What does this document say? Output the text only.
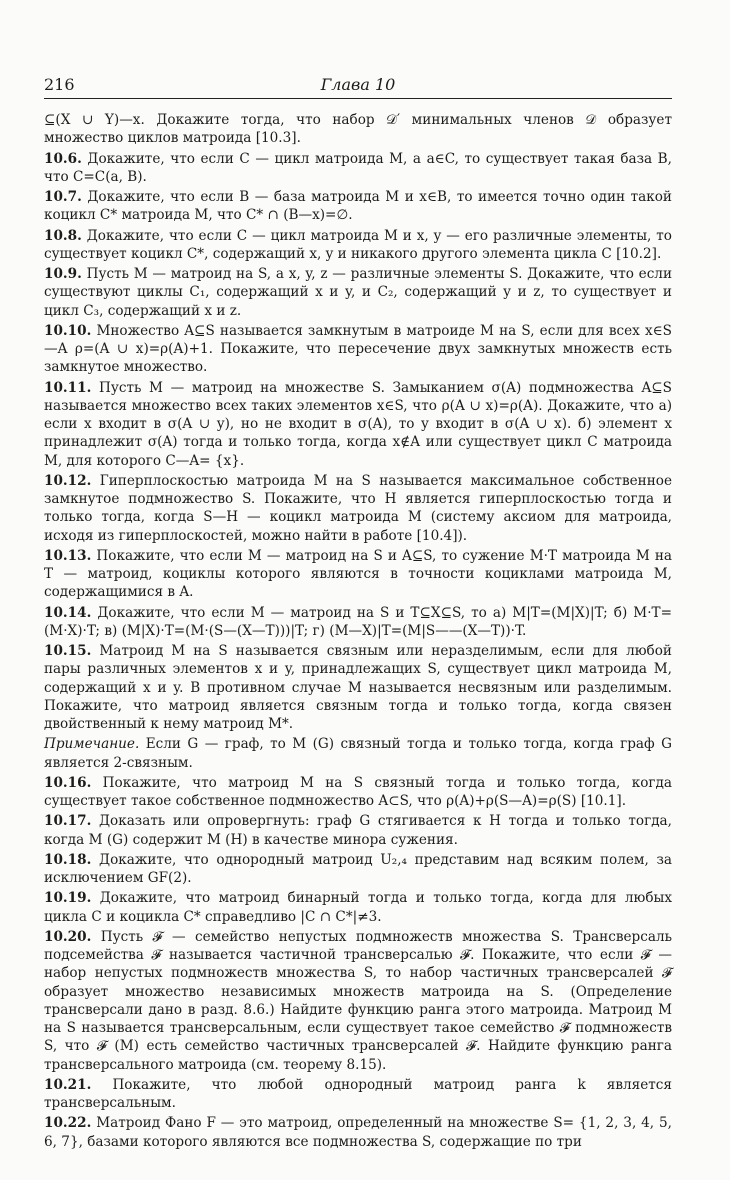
216	Глава 10

⊆(X ∪ Y)—x. Докажите тогда, что набор 𝒟′ минимальных членов 𝒟 образует множество циклов матроида [10.3].

10.6. Докажите, что если C — цикл матроида M, а a∈C, то существует такая база B, что C=C(a, B).

10.7. Докажите, что если B — база матроида M и x∈B, то имеется точно один такой коцикл C* матроида M, что C* ∩ (B—x)=∅.

10.8. Докажите, что если C — цикл матроида M и x, y — его различные элементы, то существует коцикл C*, содержащий x, y и никакого другого элемента цикла C [10.2].

10.9. Пусть M — матроид на S, а x, y, z — различные элементы S. Докажите, что если существуют циклы C₁, содержащий x и y, и C₂, содержащий y и z, то существует и цикл C₃, содержащий x и z.

10.10. Множество A⊆S называется замкнутым в матроиде M на S, если для всех x∈S—A ρ=(A ∪ x)=ρ(A)+1. Покажите, что пересечение двух замкнутых множеств есть замкнутое множество.

10.11. Пусть M — матроид на множестве S. Замыканием σ(A) подмножества A⊆S называется множество всех таких элементов x∈S, что ρ(A ∪ x)=ρ(A). Докажите, что а) если x входит в σ(A ∪ y), но не входит в σ(A), то y входит в σ(A ∪ x). б) элемент x принадлежит σ(A) тогда и только тогда, когда x∉A или существует цикл C матроида M, для которого C—A= {x}.

10.12. Гиперплоскостью матроида M на S называется максимальное собственное замкнутое подмножество S. Покажите, что H является гиперплоскостью тогда и только тогда, когда S—H — коцикл матроида M (систему аксиом для матроида, исходя из гиперплоскостей, можно найти в работе [10.4]).

10.13. Покажите, что если M — матроид на S и A⊆S, то сужение M·T матроида M на T — матроид, коциклы которого являются в точности коциклами матроида M, содержащимися в A.

10.14. Докажите, что если M — матроид на S и T⊆X⊆S, то а) M|T=(M|X)|T; б) M·T=(M·X)·T; в) (M|X)·T=(M·(S—(X—T)))|T; г) (M—X)|T=(M|S——(X—T))·T.

10.15. Матроид M на S называется связным или неразделимым, если для любой пары различных элементов x и y, принадлежащих S, существует цикл матроида M, содержащий x и y. В противном случае M называется несвязным или разделимым. Покажите, что матроид является связным тогда и только тогда, когда связен двойственный к нему матроид M*.

Примечание. Если G — граф, то M (G) связный тогда и только тогда, когда граф G является 2-связным.

10.16. Покажите, что матроид M на S связный тогда и только тогда, когда существует такое собственное подмножество A⊂S, что ρ(A)+ρ(S—A)=ρ(S) [10.1].

10.17. Доказать или опровергнуть: граф G стягивается к H тогда и только тогда, когда M (G) содержит M (H) в качестве минора сужения.

10.18. Докажите, что однородный матроид U₂,₄ представим над всяким полем, за исключением GF(2).

10.19. Докажите, что матроид бинарный тогда и только тогда, когда для любых цикла C и коцикла C* справедливо |C ∩ C*|≠3.

10.20. Пусть 𝓕 — семейство непустых подмножеств множества S. Трансверсаль подсемейства 𝓕 называется частичной трансверсалью 𝓕. Покажите, что если 𝓕 — набор непустых подмножеств множества S, то набор частичных трансверсалей 𝓕 образует множество независимых множеств матроида на S. (Определение трансверсали дано в разд. 8.6.) Найдите функцию ранга этого матроида. Матроид M на S называется трансверсальным, если существует такое семейство 𝓕 подмножеств S, что 𝓕 (M) есть семейство частичных трансверсалей 𝓕. Найдите функцию ранга трансверсального матроида (см. теорему 8.15).

10.21. Покажите, что любой однородный матроид ранга k является трансверсальным.

10.22. Матроид Фано F — это матроид, определенный на множестве S= {1, 2, 3, 4, 5, 6, 7}, базами которого являются все подмножества S, содержащие по три
